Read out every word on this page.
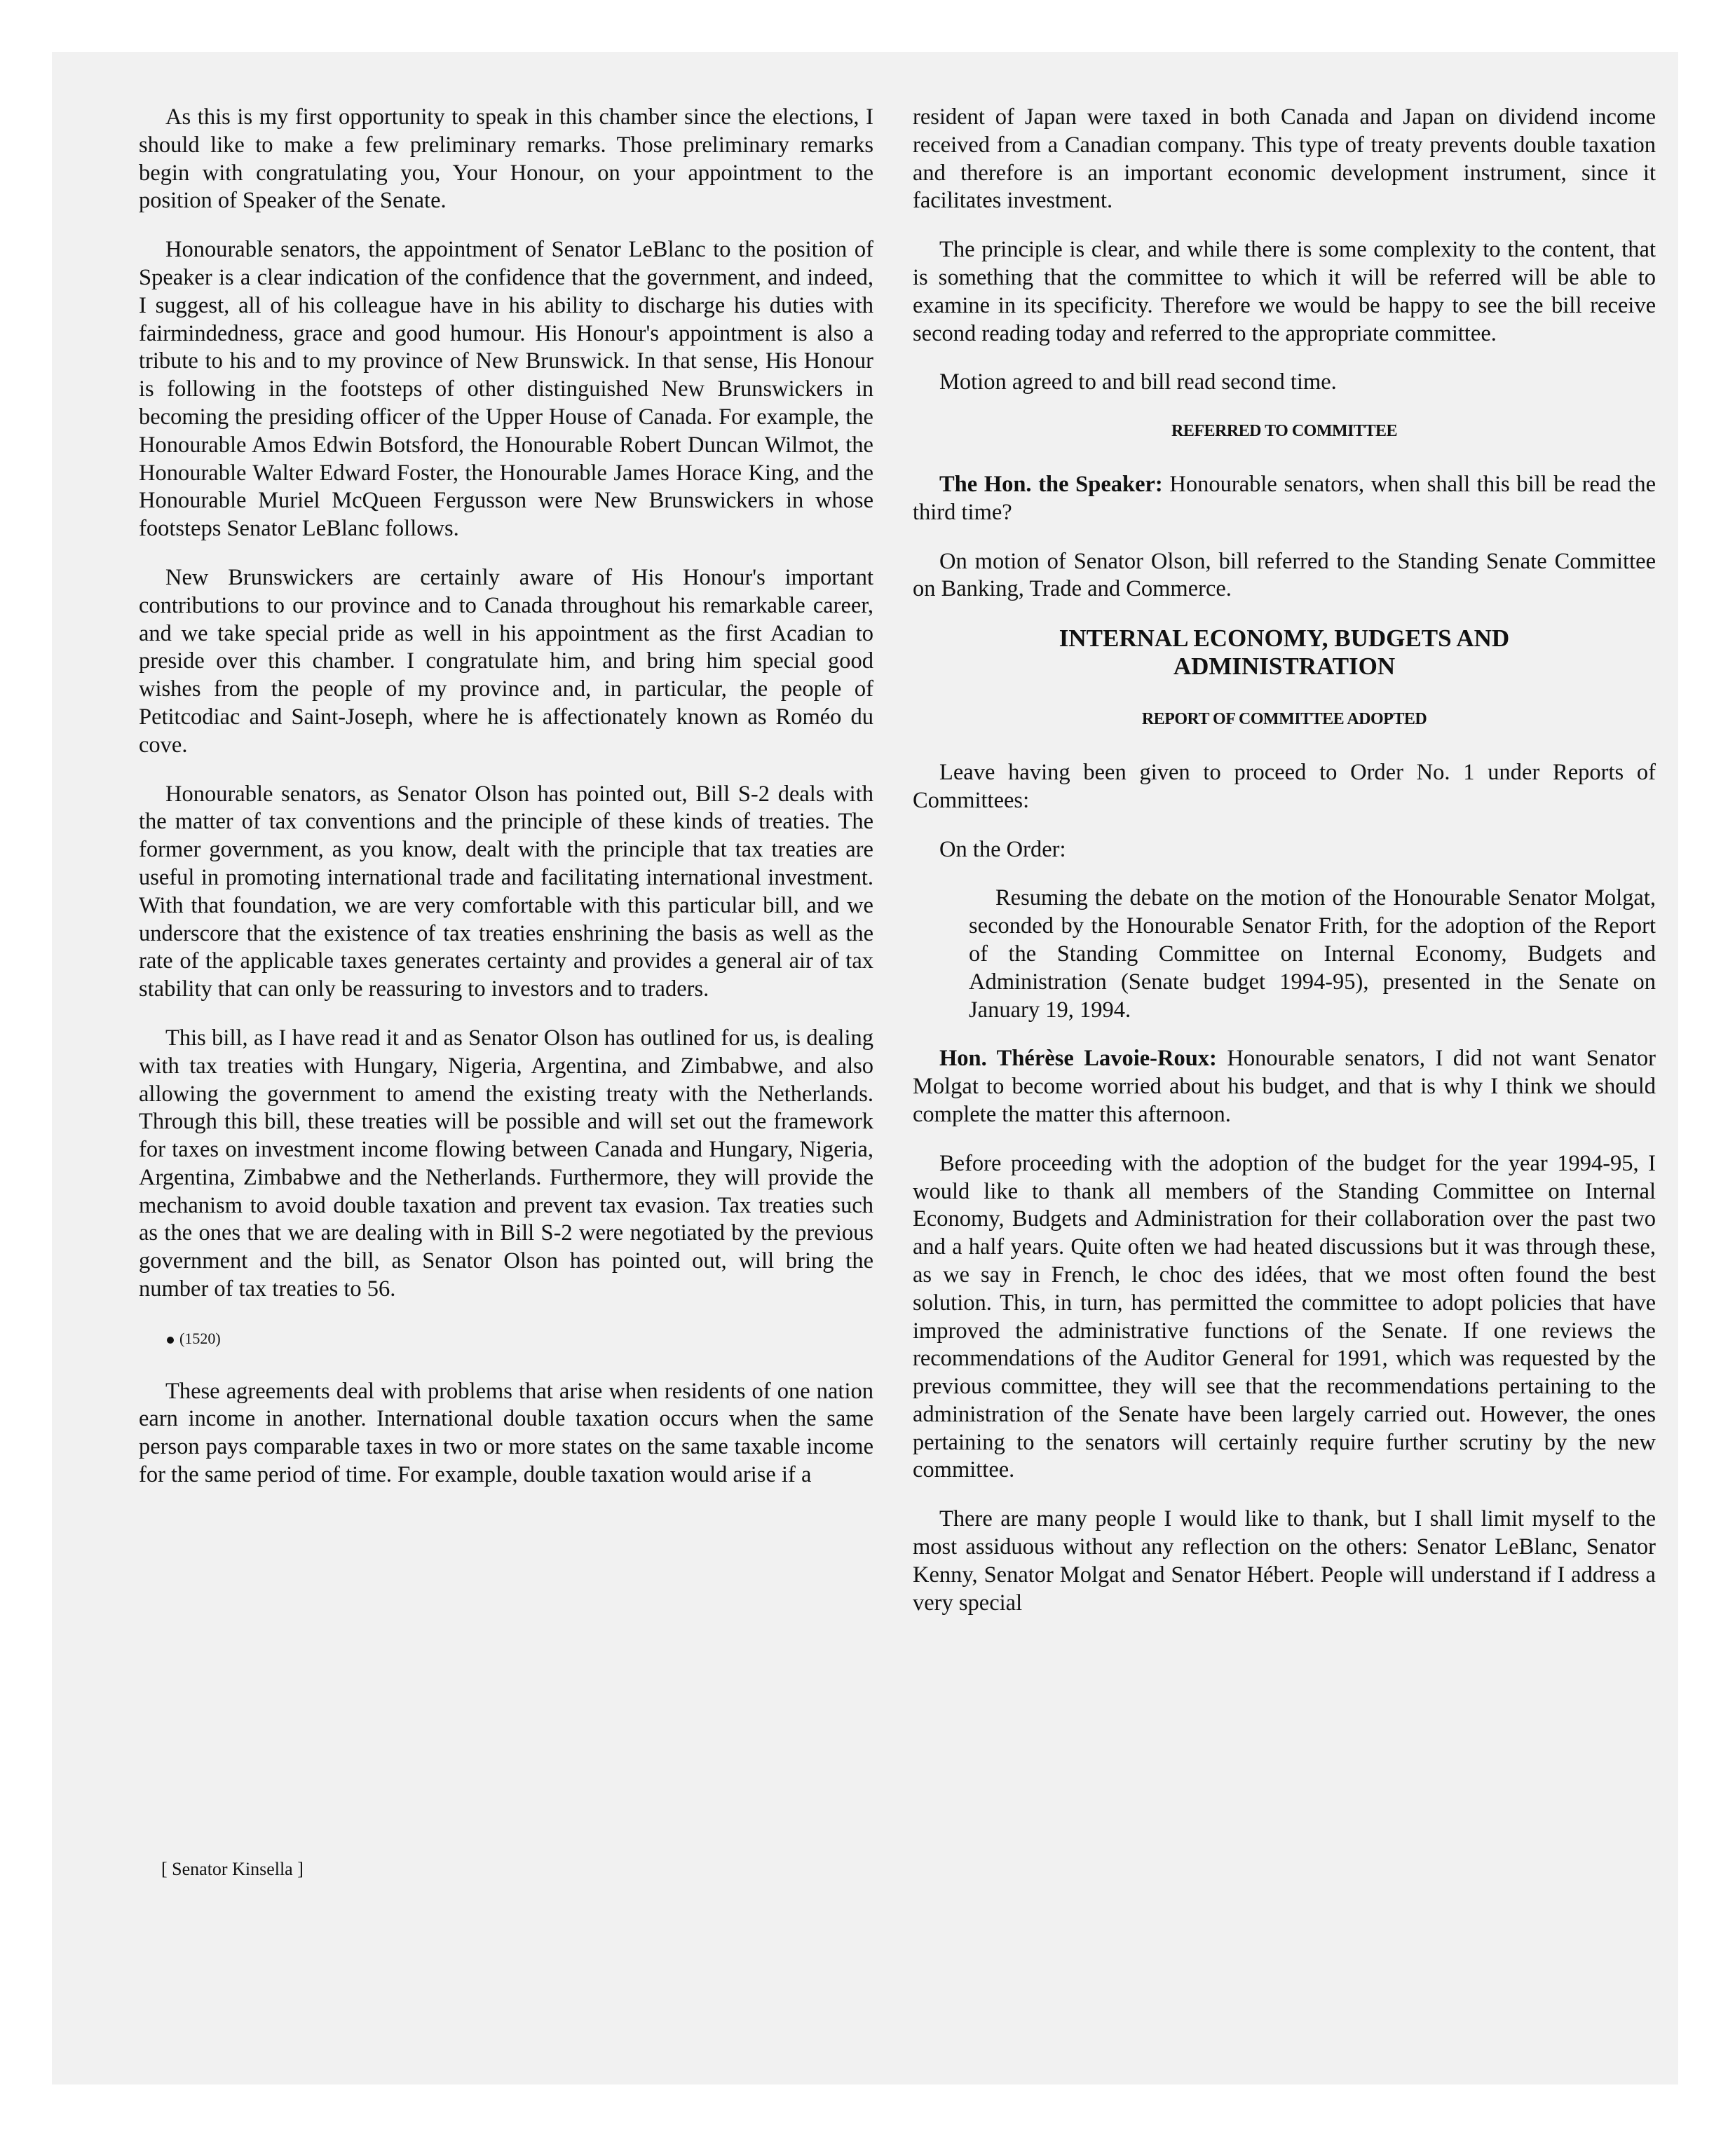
As this is my first opportunity to speak in this chamber since the elections, I should like to make a few preliminary remarks. Those preliminary remarks begin with congratulating you, Your Honour, on your appointment to the position of Speaker of the Senate.

Honourable senators, the appointment of Senator LeBlanc to the position of Speaker is a clear indication of the confidence that the government, and indeed, I suggest, all of his colleague have in his ability to discharge his duties with fairmindedness, grace and good humour. His Honour's appointment is also a tribute to his and to my province of New Brunswick. In that sense, His Honour is following in the footsteps of other distinguished New Brunswickers in becoming the presiding officer of the Upper House of Canada. For example, the Honourable Amos Edwin Botsford, the Honourable Robert Duncan Wilmot, the Honourable Walter Edward Foster, the Honourable James Horace King, and the Honourable Muriel McQueen Fergusson were New Brunswickers in whose footsteps Senator LeBlanc follows.

New Brunswickers are certainly aware of His Honour's important contributions to our province and to Canada throughout his remarkable career, and we take special pride as well in his appointment as the first Acadian to preside over this chamber. I congratulate him, and bring him special good wishes from the people of my province and, in particular, the people of Petitcodiac and Saint-Joseph, where he is affectionately known as Roméo du cove.

Honourable senators, as Senator Olson has pointed out, Bill S-2 deals with the matter of tax conventions and the principle of these kinds of treaties. The former government, as you know, dealt with the principle that tax treaties are useful in promoting international trade and facilitating international investment. With that foundation, we are very comfortable with this particular bill, and we underscore that the existence of tax treaties enshrining the basis as well as the rate of the applicable taxes generates certainty and provides a general air of tax stability that can only be reassuring to investors and to traders.

This bill, as I have read it and as Senator Olson has outlined for us, is dealing with tax treaties with Hungary, Nigeria, Argentina, and Zimbabwe, and also allowing the government to amend the existing treaty with the Netherlands. Through this bill, these treaties will be possible and will set out the framework for taxes on investment income flowing between Canada and Hungary, Nigeria, Argentina, Zimbabwe and the Netherlands. Furthermore, they will provide the mechanism to avoid double taxation and prevent tax evasion. Tax treaties such as the ones that we are dealing with in Bill S-2 were negotiated by the previous government and the bill, as Senator Olson has pointed out, will bring the number of tax treaties to 56.

(1520)

These agreements deal with problems that arise when residents of one nation earn income in another. International double taxation occurs when the same person pays comparable taxes in two or more states on the same taxable income for the same period of time. For example, double taxation would arise if a

resident of Japan were taxed in both Canada and Japan on dividend income received from a Canadian company. This type of treaty prevents double taxation and therefore is an important economic development instrument, since it facilitates investment.

The principle is clear, and while there is some complexity to the content, that is something that the committee to which it will be referred will be able to examine in its specificity. Therefore we would be happy to see the bill receive second reading today and referred to the appropriate committee.

Motion agreed to and bill read second time.

REFERRED TO COMMITTEE

The Hon. the Speaker: Honourable senators, when shall this bill be read the third time?

On motion of Senator Olson, bill referred to the Standing Senate Committee on Banking, Trade and Commerce.

INTERNAL ECONOMY, BUDGETS AND
ADMINISTRATION
REPORT OF COMMITTEE ADOPTED

Leave having been given to proceed to Order No. 1 under Reports of Committees:

On the Order:

Resuming the debate on the motion of the Honourable Senator Molgat, seconded by the Honourable Senator Frith, for the adoption of the Report of the Standing Committee on Internal Economy, Budgets and Administration (Senate budget 1994-95), presented in the Senate on January 19, 1994.

Hon. Thérèse Lavoie-Roux: Honourable senators, I did not want Senator Molgat to become worried about his budget, and that is why I think we should complete the matter this afternoon.

Before proceeding with the adoption of the budget for the year 1994-95, I would like to thank all members of the Standing Committee on Internal Economy, Budgets and Administration for their collaboration over the past two and a half years. Quite often we had heated discussions but it was through these, as we say in French, le choc des idées, that we most often found the best solution. This, in turn, has permitted the committee to adopt policies that have improved the administrative functions of the Senate. If one reviews the recommendations of the Auditor General for 1991, which was requested by the previous committee, they will see that the recommendations pertaining to the administration of the Senate have been largely carried out. However, the ones pertaining to the senators will certainly require further scrutiny by the new committee.

There are many people I would like to thank, but I shall limit myself to the most assiduous without any reflection on the others: Senator LeBlanc, Senator Kenny, Senator Molgat and Senator Hébert. People will understand if I address a very special

[ Senator Kinsella ]
